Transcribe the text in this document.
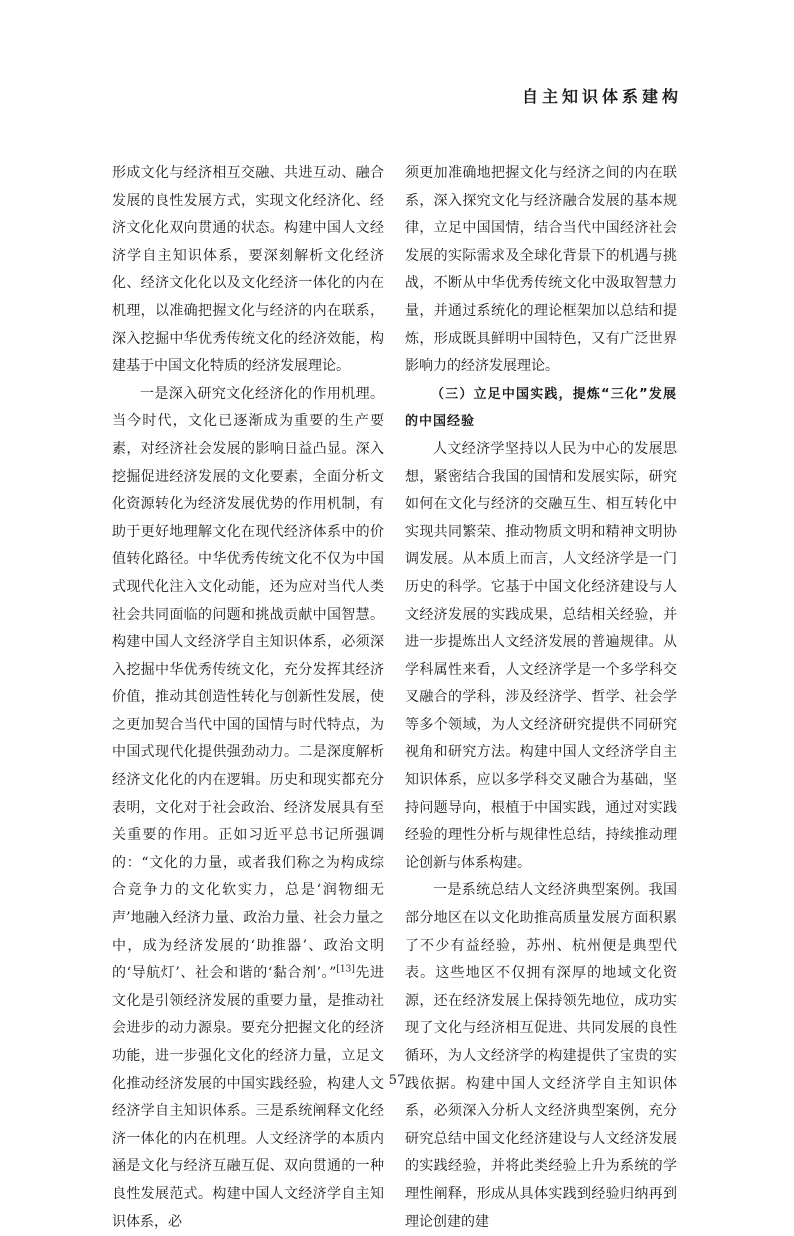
自主知识体系建构

形成文化与经济相互交融、共进互动、融合发展的良性发展方式，实现文化经济化、经济文化化双向贯通的状态。构建中国人文经济学自主知识体系，要深刻解析文化经济化、经济文化化以及文化经济一体化的内在机理，以准确把握文化与经济的内在联系，深入挖掘中华优秀传统文化的经济效能，构建基于中国文化特质的经济发展理论。

一是深入研究文化经济化的作用机理。当今时代，文化已逐渐成为重要的生产要素，对经济社会发展的影响日益凸显。深入挖掘促进经济发展的文化要素，全面分析文化资源转化为经济发展优势的作用机制，有助于更好地理解文化在现代经济体系中的价值转化路径。中华优秀传统文化不仅为中国式现代化注入文化动能，还为应对当代人类社会共同面临的问题和挑战贡献中国智慧。构建中国人文经济学自主知识体系，必须深入挖掘中华优秀传统文化，充分发挥其经济价值，推动其创造性转化与创新性发展，使之更加契合当代中国的国情与时代特点，为中国式现代化提供强劲动力。二是深度解析经济文化化的内在逻辑。历史和现实都充分表明，文化对于社会政治、经济发展具有至关重要的作用。正如习近平总书记所强调的：“文化的力量，或者我们称之为构成综合竞争力的文化软实力，总是‘润物细无声’地融入经济力量、政治力量、社会力量之中，成为经济发展的‘助推器’、政治文明的‘导航灯’、社会和谐的‘黏合剂’。”[13]先进文化是引领经济发展的重要力量，是推动社会进步的动力源泉。要充分把握文化的经济功能，进一步强化文化的经济力量，立足文化推动经济发展的中国实践经验，构建人文经济学自主知识体系。三是系统阐释文化经济一体化的内在机理。人文经济学的本质内涵是文化与经济互融互促、双向贯通的一种良性发展范式。构建中国人文经济学自主知识体系，必

须更加准确地把握文化与经济之间的内在联系，深入探究文化与经济融合发展的基本规律，立足中国国情，结合当代中国经济社会发展的实际需求及全球化背景下的机遇与挑战，不断从中华优秀传统文化中汲取智慧力量，并通过系统化的理论框架加以总结和提炼，形成既具鲜明中国特色，又有广泛世界影响力的经济发展理论。

（三）立足中国实践，提炼“三化”发展的中国经验

人文经济学坚持以人民为中心的发展思想，紧密结合我国的国情和发展实际，研究如何在文化与经济的交融互生、相互转化中实现共同繁荣、推动物质文明和精神文明协调发展。从本质上而言，人文经济学是一门历史的科学。它基于中国文化经济建设与人文经济发展的实践成果，总结相关经验，并进一步提炼出人文经济发展的普遍规律。从学科属性来看，人文经济学是一个多学科交叉融合的学科，涉及经济学、哲学、社会学等多个领域，为人文经济研究提供不同研究视角和研究方法。构建中国人文经济学自主知识体系，应以多学科交叉融合为基础，坚持问题导向，根植于中国实践，通过对实践经验的理性分析与规律性总结，持续推动理论创新与体系构建。

一是系统总结人文经济典型案例。我国部分地区在以文化助推高质量发展方面积累了不少有益经验，苏州、杭州便是典型代表。这些地区不仅拥有深厚的地域文化资源，还在经济发展上保持领先地位，成功实现了文化与经济相互促进、共同发展的良性循环，为人文经济学的构建提供了宝贵的实践依据。构建中国人文经济学自主知识体系，必须深入分析人文经济典型案例，充分研究总结中国文化经济建设与人文经济发展的实践经验，并将此类经验上升为系统的学理性阐释，形成从具体实践到经验归纳再到理论创建的建

57
